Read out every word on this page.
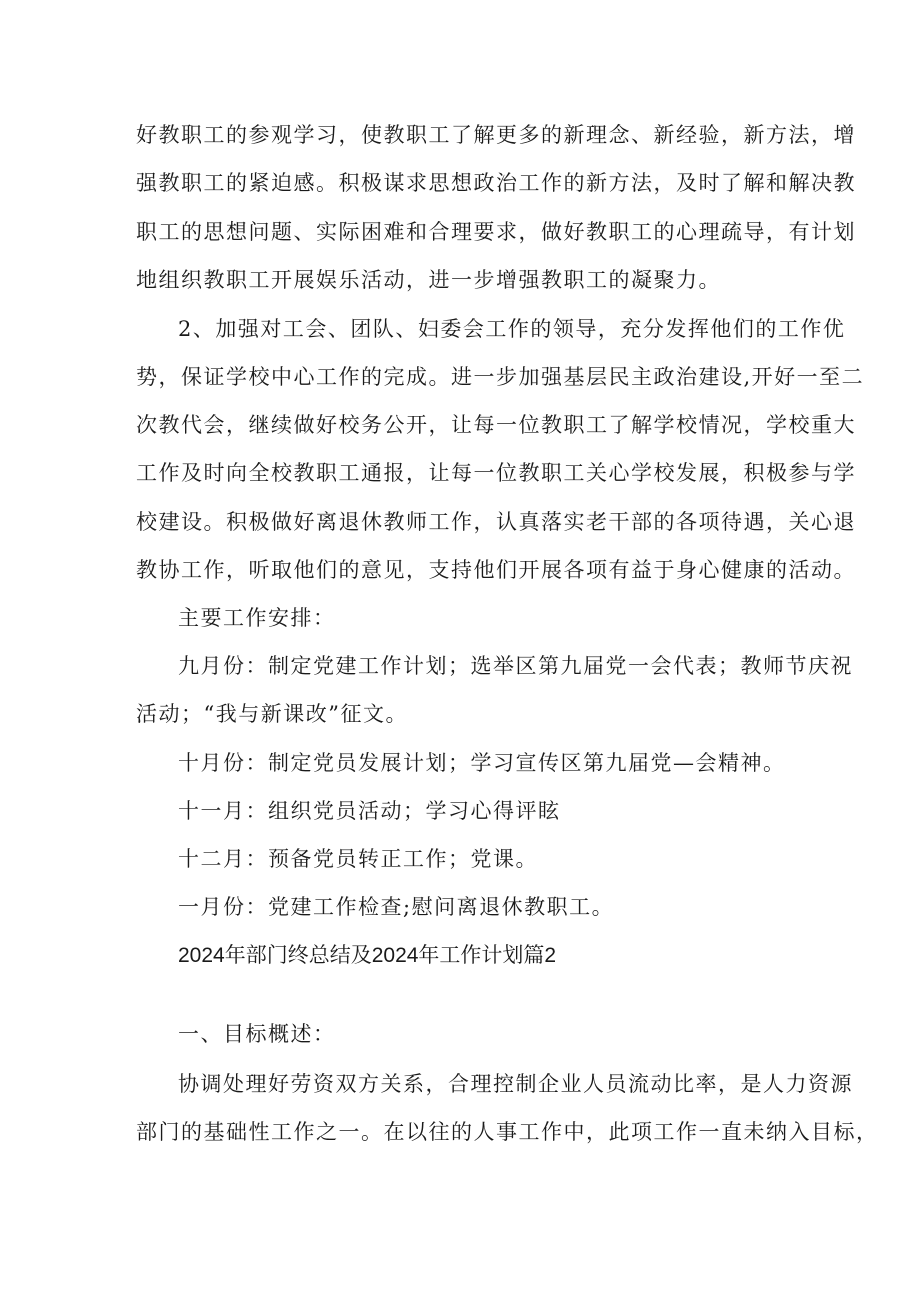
好教职工的参观学习，使教职工了解更多的新理念、新经验，新方法，增
强教职工的紧迫感。积极谋求思想政治工作的新方法，及时了解和解决教
职工的思想问题、实际困难和合理要求，做好教职工的心理疏导，有计划
地组织教职工开展娱乐活动，进一步增强教职工的凝聚力。
2、加强对工会、团队、妇委会工作的领导，充分发挥他们的工作优
势，保证学校中心工作的完成。进一步加强基层民主政治建设,开好一至二
次教代会，继续做好校务公开，让每一位教职工了解学校情况，学校重大
工作及时向全校教职工通报，让每一位教职工关心学校发展，积极参与学
校建设。积极做好离退休教师工作，认真落实老干部的各项待遇，关心退
教协工作，听取他们的意见，支持他们开展各项有益于身心健康的活动。
主要工作安排：
九月份：制定党建工作计划；选举区第九届党一会代表；教师节庆祝
活动；“我与新课改”征文。
十月份：制定党员发展计划；学习宣传区第九届党—会精神。
十一月：组织党员活动；学习心得评眩
十二月：预备党员转正工作；党课。
一月份：党建工作检查;慰问离退休教职工。
2024年部门终总结及2024年工作计划篇2
一、目标概述：
协调处理好劳资双方关系，合理控制企业人员流动比率，是人力资源
部门的基础性工作之一。在以往的人事工作中，此项工作一直未纳入目标，
